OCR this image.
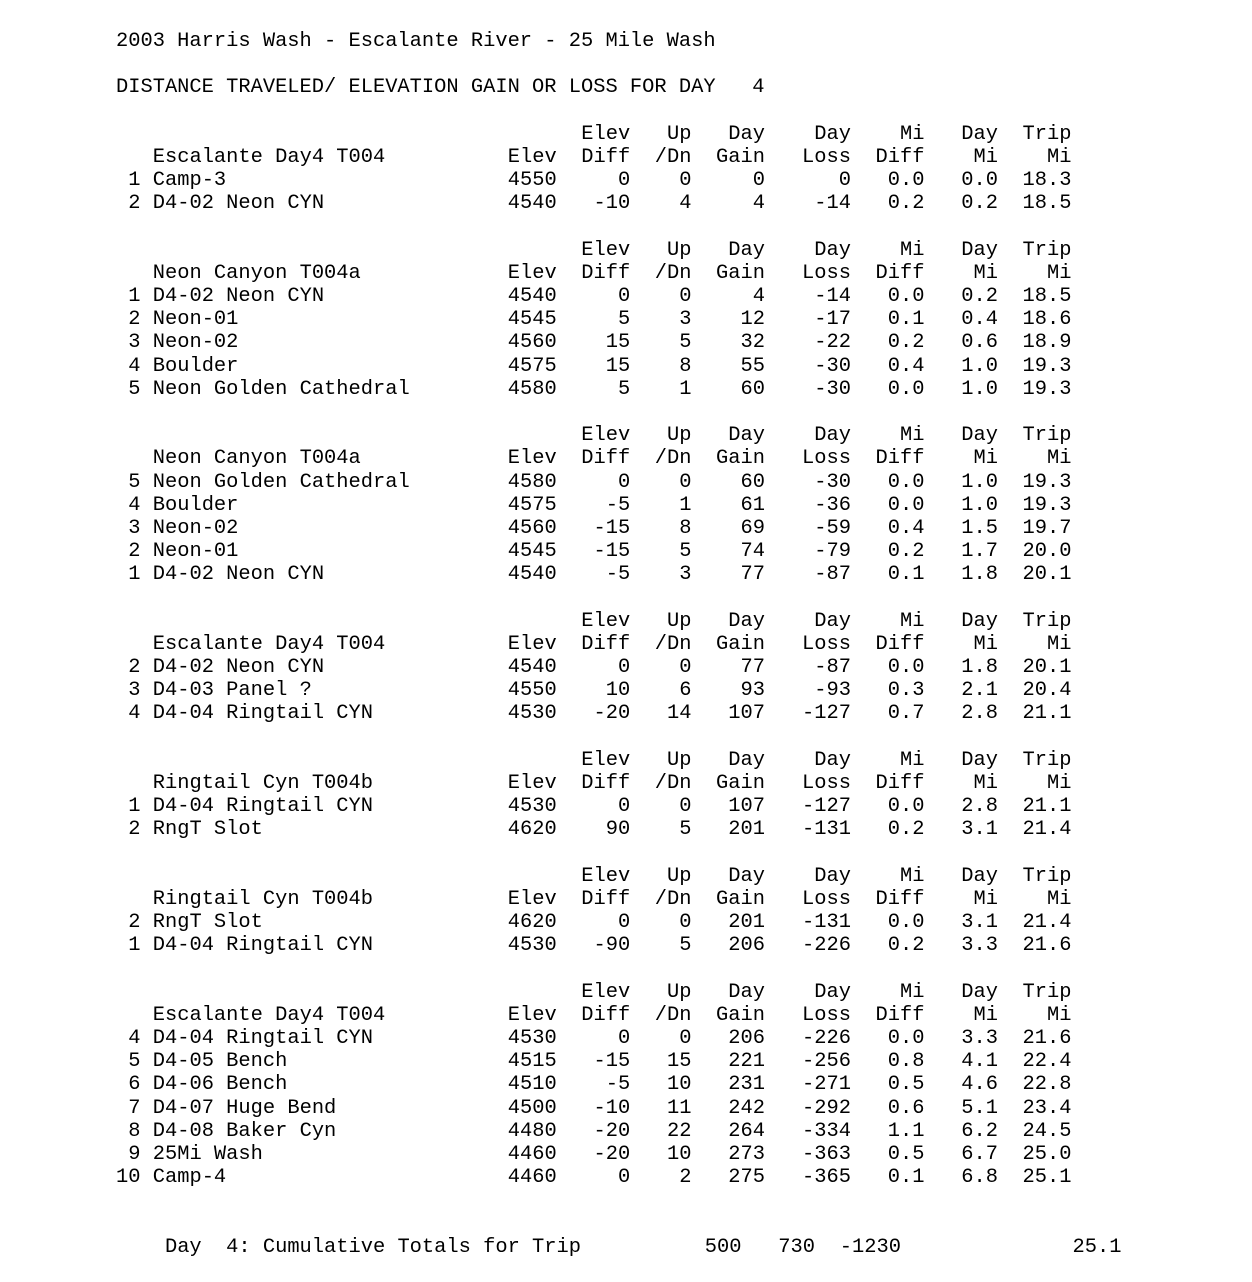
2003 Harris Wash - Escalante River - 25 Mile Wash
DISTANCE TRAVELED/ ELEVATION GAIN OR LOSS FOR DAY   4
Elev Up Day Day Mi Day Trip
Escalante Day4 T004	Elev Diff /Dn Gain Loss Diff Mi Mi
1 Camp-3	4550	0 0	0	0 0.0 0.0 18.3
2 D4-02 Neon CYN	4540 -10 4	4 -14 0.2 0.2 18.5
Elev Up Day Day Mi Day Trip
Neon Canyon T004a	Elev Diff /Dn Gain Loss Diff Mi Mi
1 D4-02 Neon CYN	4540	0 0	4 -14 0.0 0.2 18.5
2 Neon-01	4545	5 3 12 -17 0.1 0.4 18.6
3 Neon-02	4560 15 5 32 -22 0.2 0.6 18.9
4 Boulder	4575 15 8 55 -30 0.4 1.0 19.3
5 Neon Golden Cathedral	4580	5 1 60 -30 0.0 1.0 19.3
Elev Up Day Day Mi Day Trip
Neon Canyon T004a	Elev Diff /Dn Gain Loss Diff Mi Mi
5 Neon Golden Cathedral	4580	0 0 60 -30 0.0 1.0 19.3
4 Boulder	4575 -5 1 61 -36 0.0 1.0 19.3
3 Neon-02	4560 -15 8 69 -59 0.4 1.5 19.7
2 Neon-01	4545 -15 5 74 -79 0.2 1.7 20.0
1 D4-02 Neon CYN	4540 -5 3 77 -87 0.1 1.8 20.1
Elev Up Day Day Mi Day Trip
Escalante Day4 T004	Elev Diff /Dn Gain Loss Diff Mi Mi
2 D4-02 Neon CYN	4540	0 0 77 -87 0.0 1.8 20.1
3 D4-03 Panel ?	4550 10 6 93 -93 0.3 2.1 20.4
4 D4-04 Ringtail CYN	4530 -20 14 107 -127 0.7 2.8 21.1
Elev Up Day Day Mi Day Trip
Ringtail Cyn T004b	Elev Diff /Dn Gain Loss Diff Mi Mi
1 D4-04 Ringtail CYN	4530	0 0 107 -127 0.0 2.8 21.1
2 RngT Slot	4620 90 5 201 -131 0.2 3.1 21.4
Elev Up Day Day Mi Day Trip
Ringtail Cyn T004b	Elev Diff /Dn Gain Loss Diff Mi Mi
2 RngT Slot	4620	0 0 201 -131 0.0 3.1 21.4
1 D4-04 Ringtail CYN	4530 -90 5 206 -226 0.2 3.3 21.6
Elev Up Day Day Mi Day Trip
Escalante Day4 T004	Elev Diff /Dn Gain Loss Diff Mi Mi
4 D4-04 Ringtail CYN	4530	0 0 206 -226 0.0 3.3 21.6
5 D4-05 Bench	4515 -15 15 221 -256 0.8 4.1 22.4
6 D4-06 Bench	4510 -5 10 231 -271 0.5 4.6 22.8
7 D4-07 Huge Bend	4500 -10 11 242 -292 0.6 5.1 23.4
8 D4-08 Baker Cyn	4480 -20 22 264 -334 1.1 6.2 24.5
9 25Mi Wash	4460 -20 10 273 -363 0.5 6.7 25.0
10 Camp-4	4460	0 2 275 -365 0.1 6.8 25.1

Day  4: Cumulative Totals for Trip	500 730 -1230	25.1
